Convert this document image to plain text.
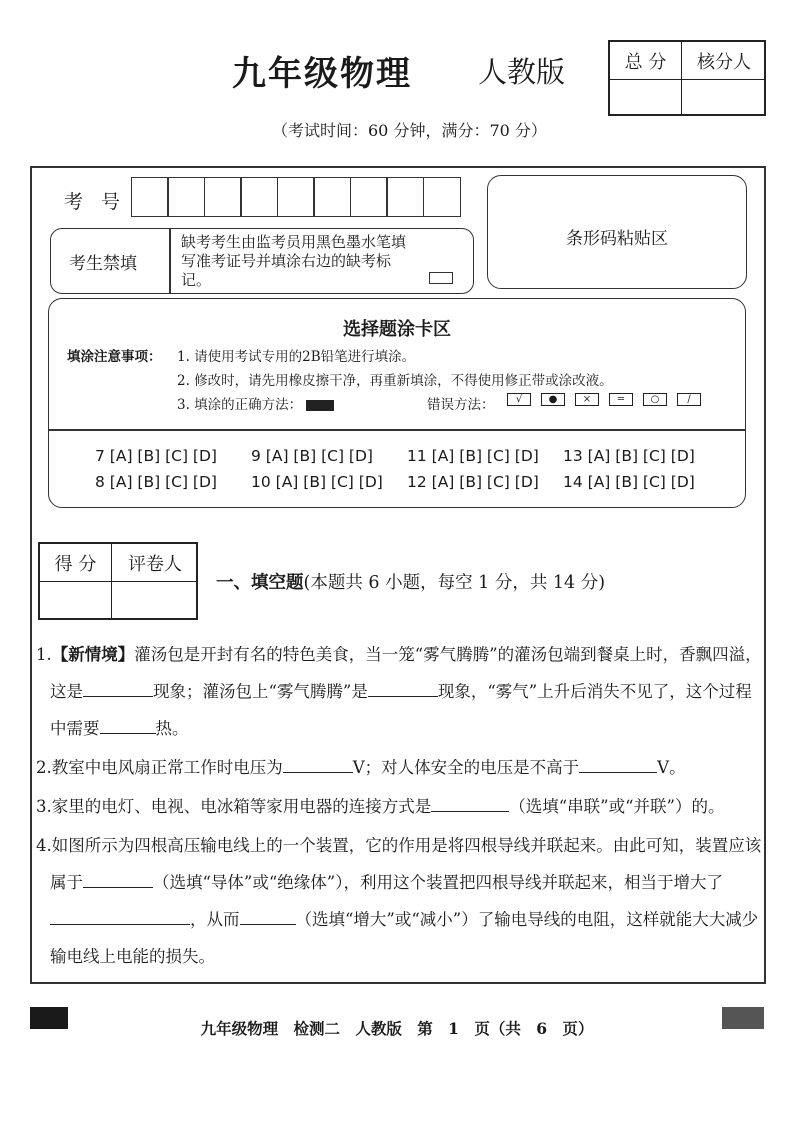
九年级物理 人教版	总 分	核分人
（考试时间：60 分钟，满分：70 分）
考号
考生禁填
缺考考生由监考员用黑色墨水笔填写准考证号并填涂右边的缺考标记。
条形码粘贴区
选择题涂卡区
填涂注意事项： 1. 请使用考试专用的2B铅笔进行填涂。
2. 修改时，请先用橡皮擦干净，再重新填涂，不得使用修正带或涂改液。
3. 填涂的正确方法：	错误方法：	√	●	×	=	○	/
7 [A] [B] [C] [D]	9 [A] [B] [C] [D]	11 [A] [B] [C] [D]	13 [A] [B] [C] [D]
8 [A] [B] [C] [D]	10 [A] [B] [C] [D]	12 [A] [B] [C] [D]	14 [A] [B] [C] [D]
得 分	评卷人
一、填空题(本题共 6 小题，每空 1 分，共 14 分)

1.【新情境】灌汤包是开封有名的特色美食，当一笼“雾气腾腾”的灌汤包端到餐桌上时，香飘四溢，这是	现象；灌汤包上“雾气腾腾”是	现象，“雾气”上升后消失不见了，这个过程中需要	热。

2.教室中电风扇正常工作时电压为	V；对人体安全的电压是不高于	V。

3.家里的电灯、电视、电冰箱等家用电器的连接方式是	（选填“串联”或“并联”）的。

4.如图所示为四根高压输电线上的一个装置，它的作用是将四根导线并联起来。由此可知，装置应该属于	（选填“导体”或“绝缘体”），利用这个装置把四根导线并联起来，相当于增大了，从而	（选填“增大”或“减小”）了输电导线的电阻，这样就能大大减少输电线上电能的损失。

九年级物理 检测二 人教版 第 1 页（共 6 页）
